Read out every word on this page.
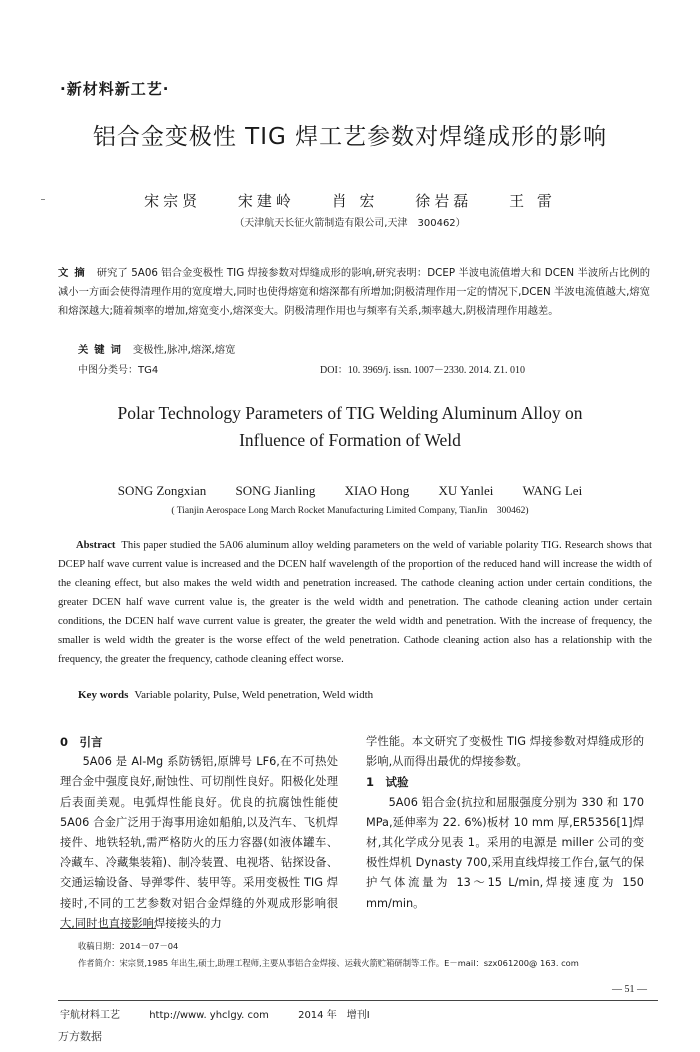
·新材料新工艺·
铝合金变极性 TIG 焊工艺参数对焊缝成形的影响
宋宗贤 宋建岭 肖 宏 徐岩磊 王 雷
（天津航天长征火箭制造有限公司,天津　300462）
文摘 研究了 5A06 铝合金变极性 TIG 焊接参数对焊缝成形的影响,研究表明：DCEP 半波电流值增大和 DCEN 半波所占比例的减小一方面会使得清理作用的宽度增大,同时也使得熔宽和熔深都有所增加;阴极清理作用一定的情况下,DCEN 半波电流值越大,熔宽和熔深越大;随着频率的增加,熔宽变小,熔深变大。阴极清理作用也与频率有关系,频率越大,阴极清理作用越差。
关键词 变极性,脉冲,熔深,熔宽
中图分类号：TG4	DOI：10. 3969/j. issn. 1007－2330. 2014. Z1. 010
Polar Technology Parameters of TIG Welding Aluminum Alloy on
Influence of Formation of Weld
SONG Zongxian SONG Jianling XIAO Hong XU Yanlei WANG Lei
( Tianjin Aerospace Long March Rocket Manufacturing Limited Company, TianJin　300462)
Abstract This paper studied the 5A06 aluminum alloy welding parameters on the weld of variable polarity TIG. Research shows that DCEP half wave current value is increased and the DCEN half wavelength of the proportion of the reduced hand will increase the width of the cleaning effect, but also makes the weld width and penetration increased. The cathode cleaning action under certain conditions, the greater DCEN half wave current value is, the greater is the weld width and penetration. The cathode cleaning action under certain conditions, the DCEN half wave current value is greater, the greater the weld width and penetration. With the increase of frequency, the smaller is weld width the greater is the worse effect of the weld penetration. Cathode cleaning action also has a relationship with the frequency, the greater the frequency, cathode cleaning effect worse.
Key words Variable polarity, Pulse, Weld penetration, Weld width
0　引言

5A06 是 Al-Mg 系防锈铝,原牌号 LF6,在不可热处理合金中强度良好,耐蚀性、可切削性良好。阳极化处理后表面美观。电弧焊性能良好。优良的抗腐蚀性能使 5A06 合金广泛用于海事用途如船舶,以及汽车、飞机焊接件、地铁轻轨,需严格防火的压力容器(如液体罐车、冷藏车、冷藏集装箱)、制冷装置、电视塔、钻探设备、交通运输设备、导弹零件、装甲等。采用变极性 TIG 焊接时,不同的工艺参数对铝合金焊缝的外观成形影响很大,同时也直接影响焊接接头的力

学性能。本文研究了变极性 TIG 焊接参数对焊缝成形的影响,从而得出最优的焊接参数。

1　试验

5A06 铝合金(抗拉和屈服强度分别为 330 和 170 MPa,延伸率为 22. 6%)板材 10 mm 厚,ER5356[1]焊材,其化学成分见表 1。采用的电源是 miller 公司的变极性焊机 Dynasty 700,采用直线焊接工作台,氩气的保护气体流量为 13～15 L/min,焊接速度为 150 mm/min。

收稿日期：2014－07－04
作者简介：宋宗贤,1985 年出生,硕士,助理工程师,主要从事铝合金焊接、运载火箭贮箱研制等工作。E－mail：szx061200@ 163. com
— 51 —
宇航材料工艺	http://www. yhclgy. com	2014 年　增刊Ⅰ
万方数据
